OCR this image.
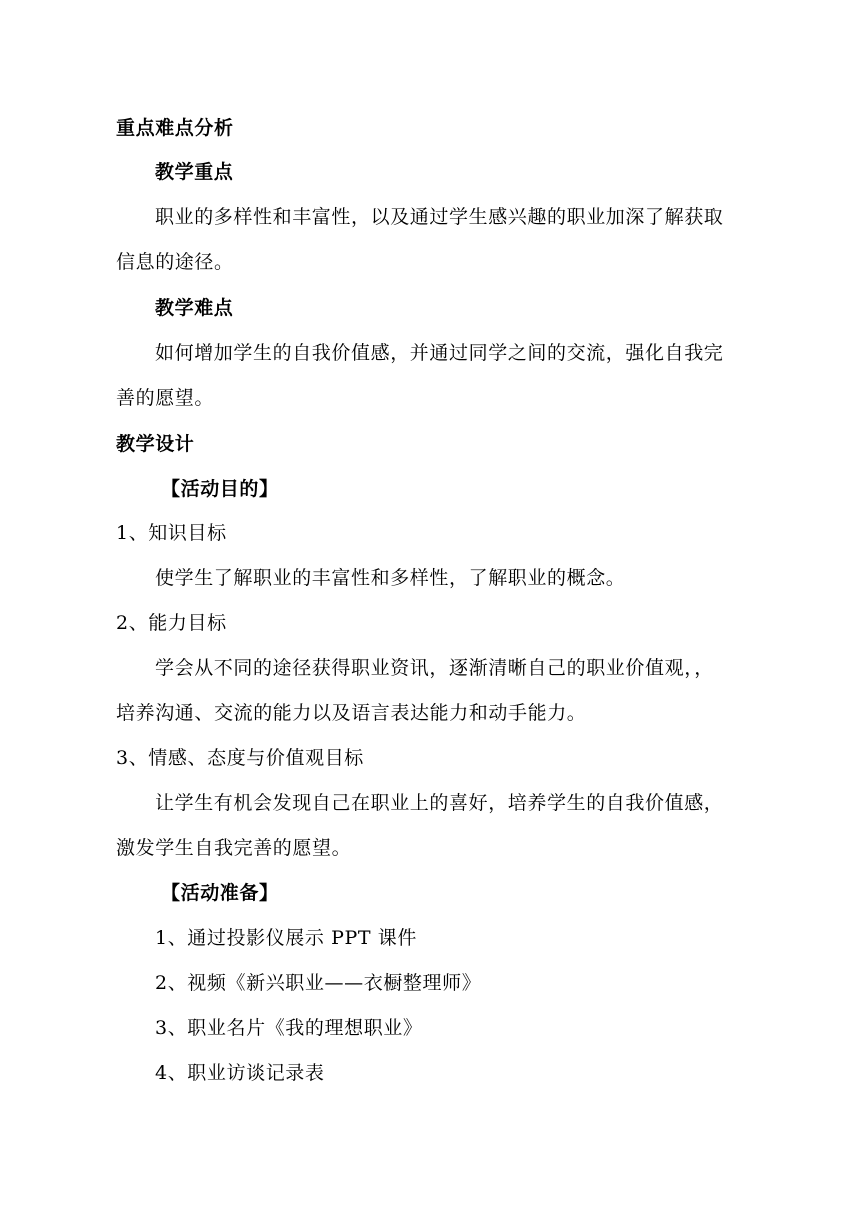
重点难点分析
教学重点
职业的多样性和丰富性，以及通过学生感兴趣的职业加深了解获取
信息的途径。
教学难点
如何增加学生的自我价值感，并通过同学之间的交流，强化自我完
善的愿望。
教学设计
【活动目的】
1、知识目标
使学生了解职业的丰富性和多样性，了解职业的概念。
2、能力目标
学会从不同的途径获得职业资讯，逐渐清晰自己的职业价值观，，
培养沟通、交流的能力以及语言表达能力和动手能力。
3、情感、态度与价值观目标
让学生有机会发现自己在职业上的喜好，培养学生的自我价值感，
激发学生自我完善的愿望。
【活动准备】
1、通过投影仪展示 PPT 课件
2、视频《新兴职业——衣橱整理师》
3、职业名片《我的理想职业》
4、职业访谈记录表
